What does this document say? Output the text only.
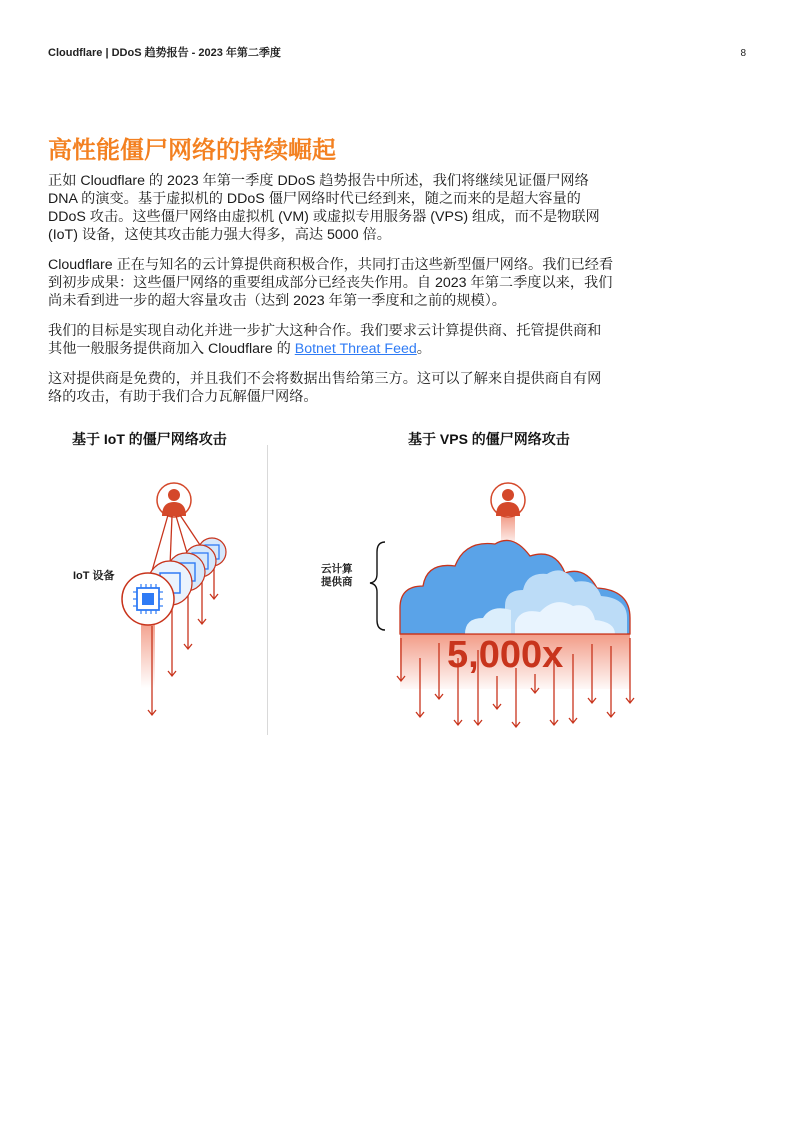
Cloudflare | DDoS 趋势报告 - 2023 年第二季度	8
高性能僵尸网络的持续崛起

正如 Cloudflare 的 2023 年第一季度 DDoS 趋势报告中所述，我们将继续见证僵尸网络 DNA 的演变。基于虚拟机的 DDoS 僵尸网络时代已经到来，随之而来的是超大容量的 DDoS 攻击。这些僵尸网络由虚拟机 (VM) 或虚拟专用服务器 (VPS) 组成，而不是物联网 (IoT) 设备，这使其攻击能力强大得多，高达 5000 倍。

Cloudflare 正在与知名的云计算提供商积极合作，共同打击这些新型僵尸网络。我们已经看到初步成果：这些僵尸网络的重要组成部分已经丧失作用。自 2023 年第二季度以来，我们尚未看到进一步的超大容量攻击（达到 2023 年第一季度和之前的规模）。

我们的目标是实现自动化并进一步扩大这种合作。我们要求云计算提供商、托管提供商和其他一般服务提供商加入 Cloudflare 的 Botnet Threat Feed。

这对提供商是免费的，并且我们不会将数据出售给第三方。这可以了解来自提供商自有网络的攻击，有助于我们合力瓦解僵尸网络。

基于 IoT 的僵尸网络攻击	基于 VPS 的僵尸网络攻击
IoT 设备
云计算
提供商
5,000x
